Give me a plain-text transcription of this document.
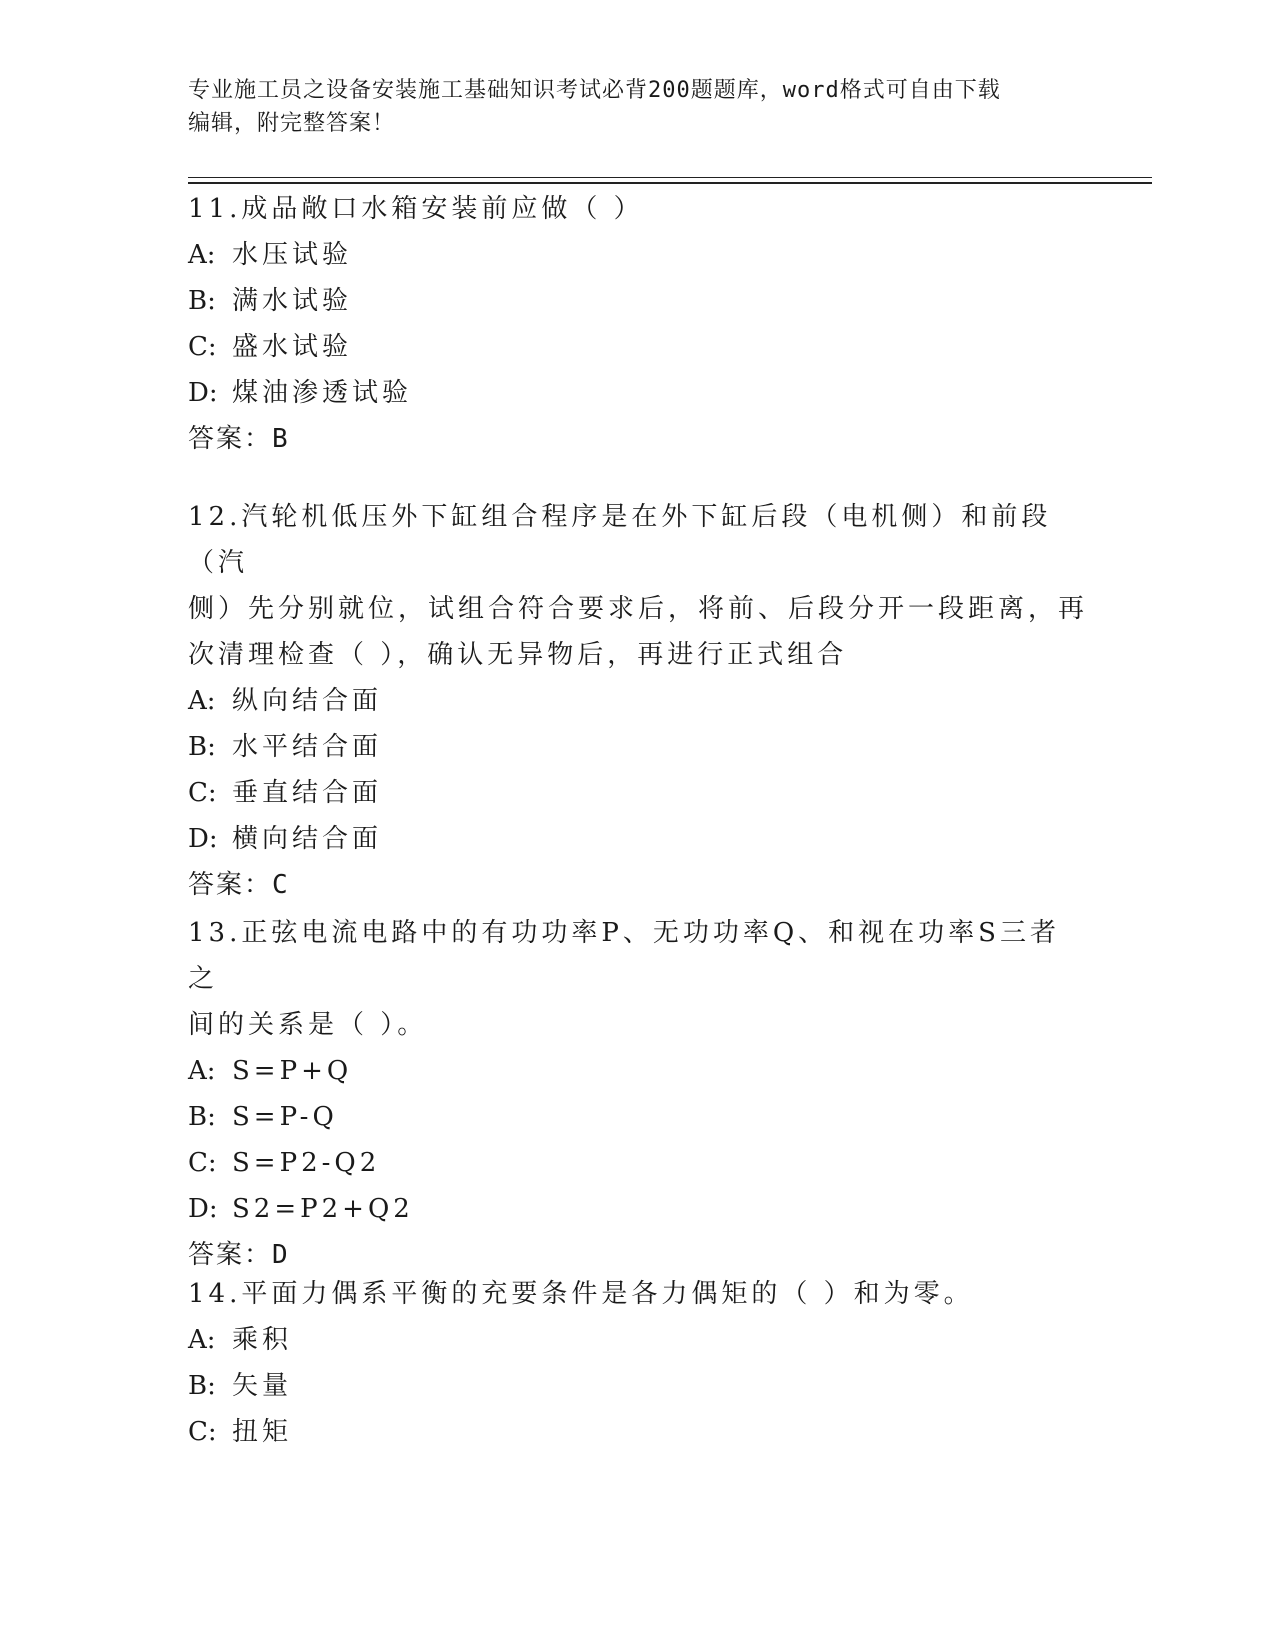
专业施工员之设备安装施工基础知识考试必背200题题库，word格式可自由下载
编辑，附完整答案！

11.成品敞口水箱安装前应做（ ）

A: 水压试验

B: 满水试验

C: 盛水试验

D: 煤油渗透试验

答案：B

12.汽轮机低压外下缸组合程序是在外下缸后段（电机侧）和前段（汽

侧）先分别就位，试组合符合要求后，将前、后段分开一段距离，再

次清理检查（ ），确认无异物后，再进行正式组合

A: 纵向结合面

B: 水平结合面

C: 垂直结合面

D: 横向结合面

答案：C

13.正弦电流电路中的有功功率P、无功功率Q、和视在功率S三者之

间的关系是（ ）。

A: S=P+Q

B: S=P-Q

C: S=P2-Q2

D: S2=P2+Q2

答案：D

14.平面力偶系平衡的充要条件是各力偶矩的（ ）和为零。

A: 乘积

B: 矢量

C: 扭矩
